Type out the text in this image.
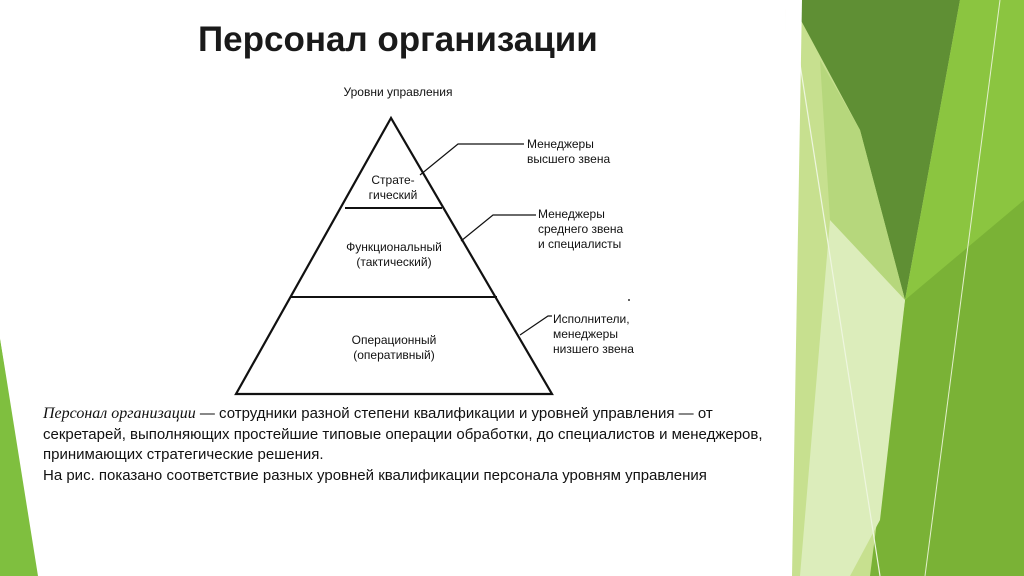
Персонал организации
Уровни управления
Страте-
гический
Функциональный
(тактический)
Операционный
(оперативный)
Менеджеры
высшего звена
Менеджеры
среднего звена
и специалисты
Исполнители,
менеджеры
низшего звена
Персонал организации — сотрудники разной степени квалификации и уровней управления — от секретарей, выполняющих простейшие типовые операции обработки, до специалистов и менеджеров, принимающих стратегические решения.
На рис. показано соответствие разных уровней квалификации персонала уровням управления
